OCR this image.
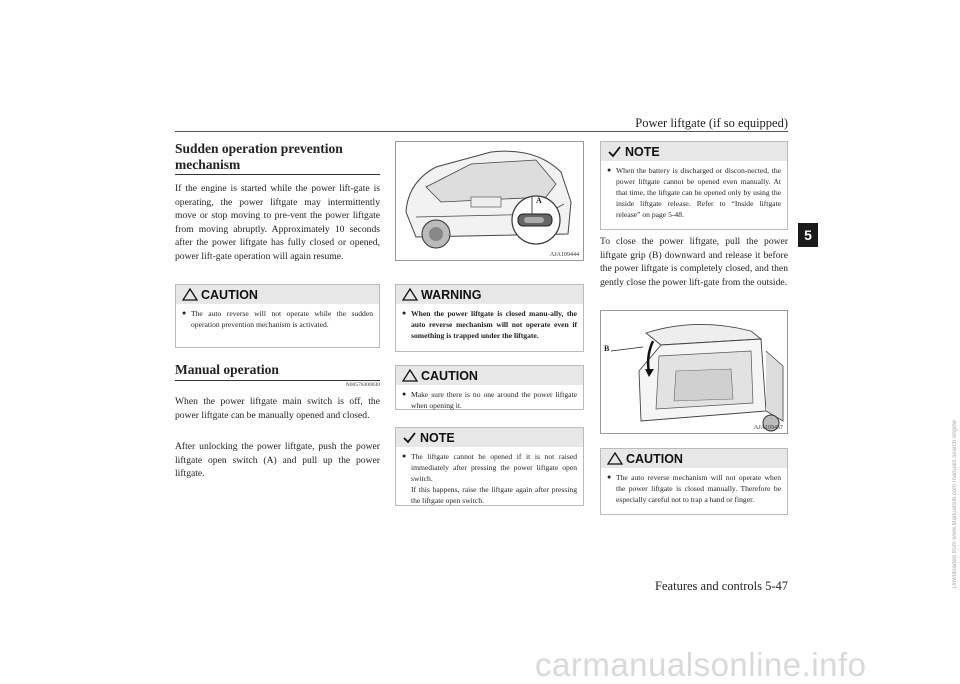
Power liftgate (if so equipped)
5
Sudden operation prevention mechanism
If the engine is started while the power lift-gate is operating, the power liftgate may intermittently move or stop moving to pre-vent the power liftgate from moving abruptly. Approximately 10 seconds after the power liftgate has fully closed or opened, power lift-gate operation will again resume.
CAUTION
● The auto reverse will not operate while the sudden operation prevention mechanism is activated.
Manual operation
N00576300030
When the power liftgate main switch is off, the power liftgate can be manually opened and closed.
After unlocking the power liftgate, push the power liftgate open switch (A) and pull up the power liftgate.
A
AJA109444
WARNING
● When the power liftgate is closed manu-ally, the auto reverse mechanism will not operate even if something is trapped under the liftgate.
CAUTION
● Make sure there is no one around the power liftgate when opening it.
NOTE
● The liftgate cannot be opened if it is not raised immediately after pressing the power liftgate open switch.
If this happens, raise the liftgate again after pressing the liftgate open switch.
NOTE
● When the battery is discharged or discon-nected, the power liftgate cannot be opened even manually. At that time, the liftgate can be opened only by using the inside liftgate release. Refer to “Inside liftgate release” on page 5-48.
To close the power liftgate, pull the power liftgate grip (B) downward and release it before the power liftgate is completely closed, and then gently close the power lift-gate from the outside.
B
AJA109457
CAUTION
● The auto reverse mechanism will not operate when the power liftgate is closed manually. Therefore be especially careful not to trap a hand or finger.
Features and controls 5-47
carmanualsonline.info
Downloaded from www.Manualslib.com manuals search engine
